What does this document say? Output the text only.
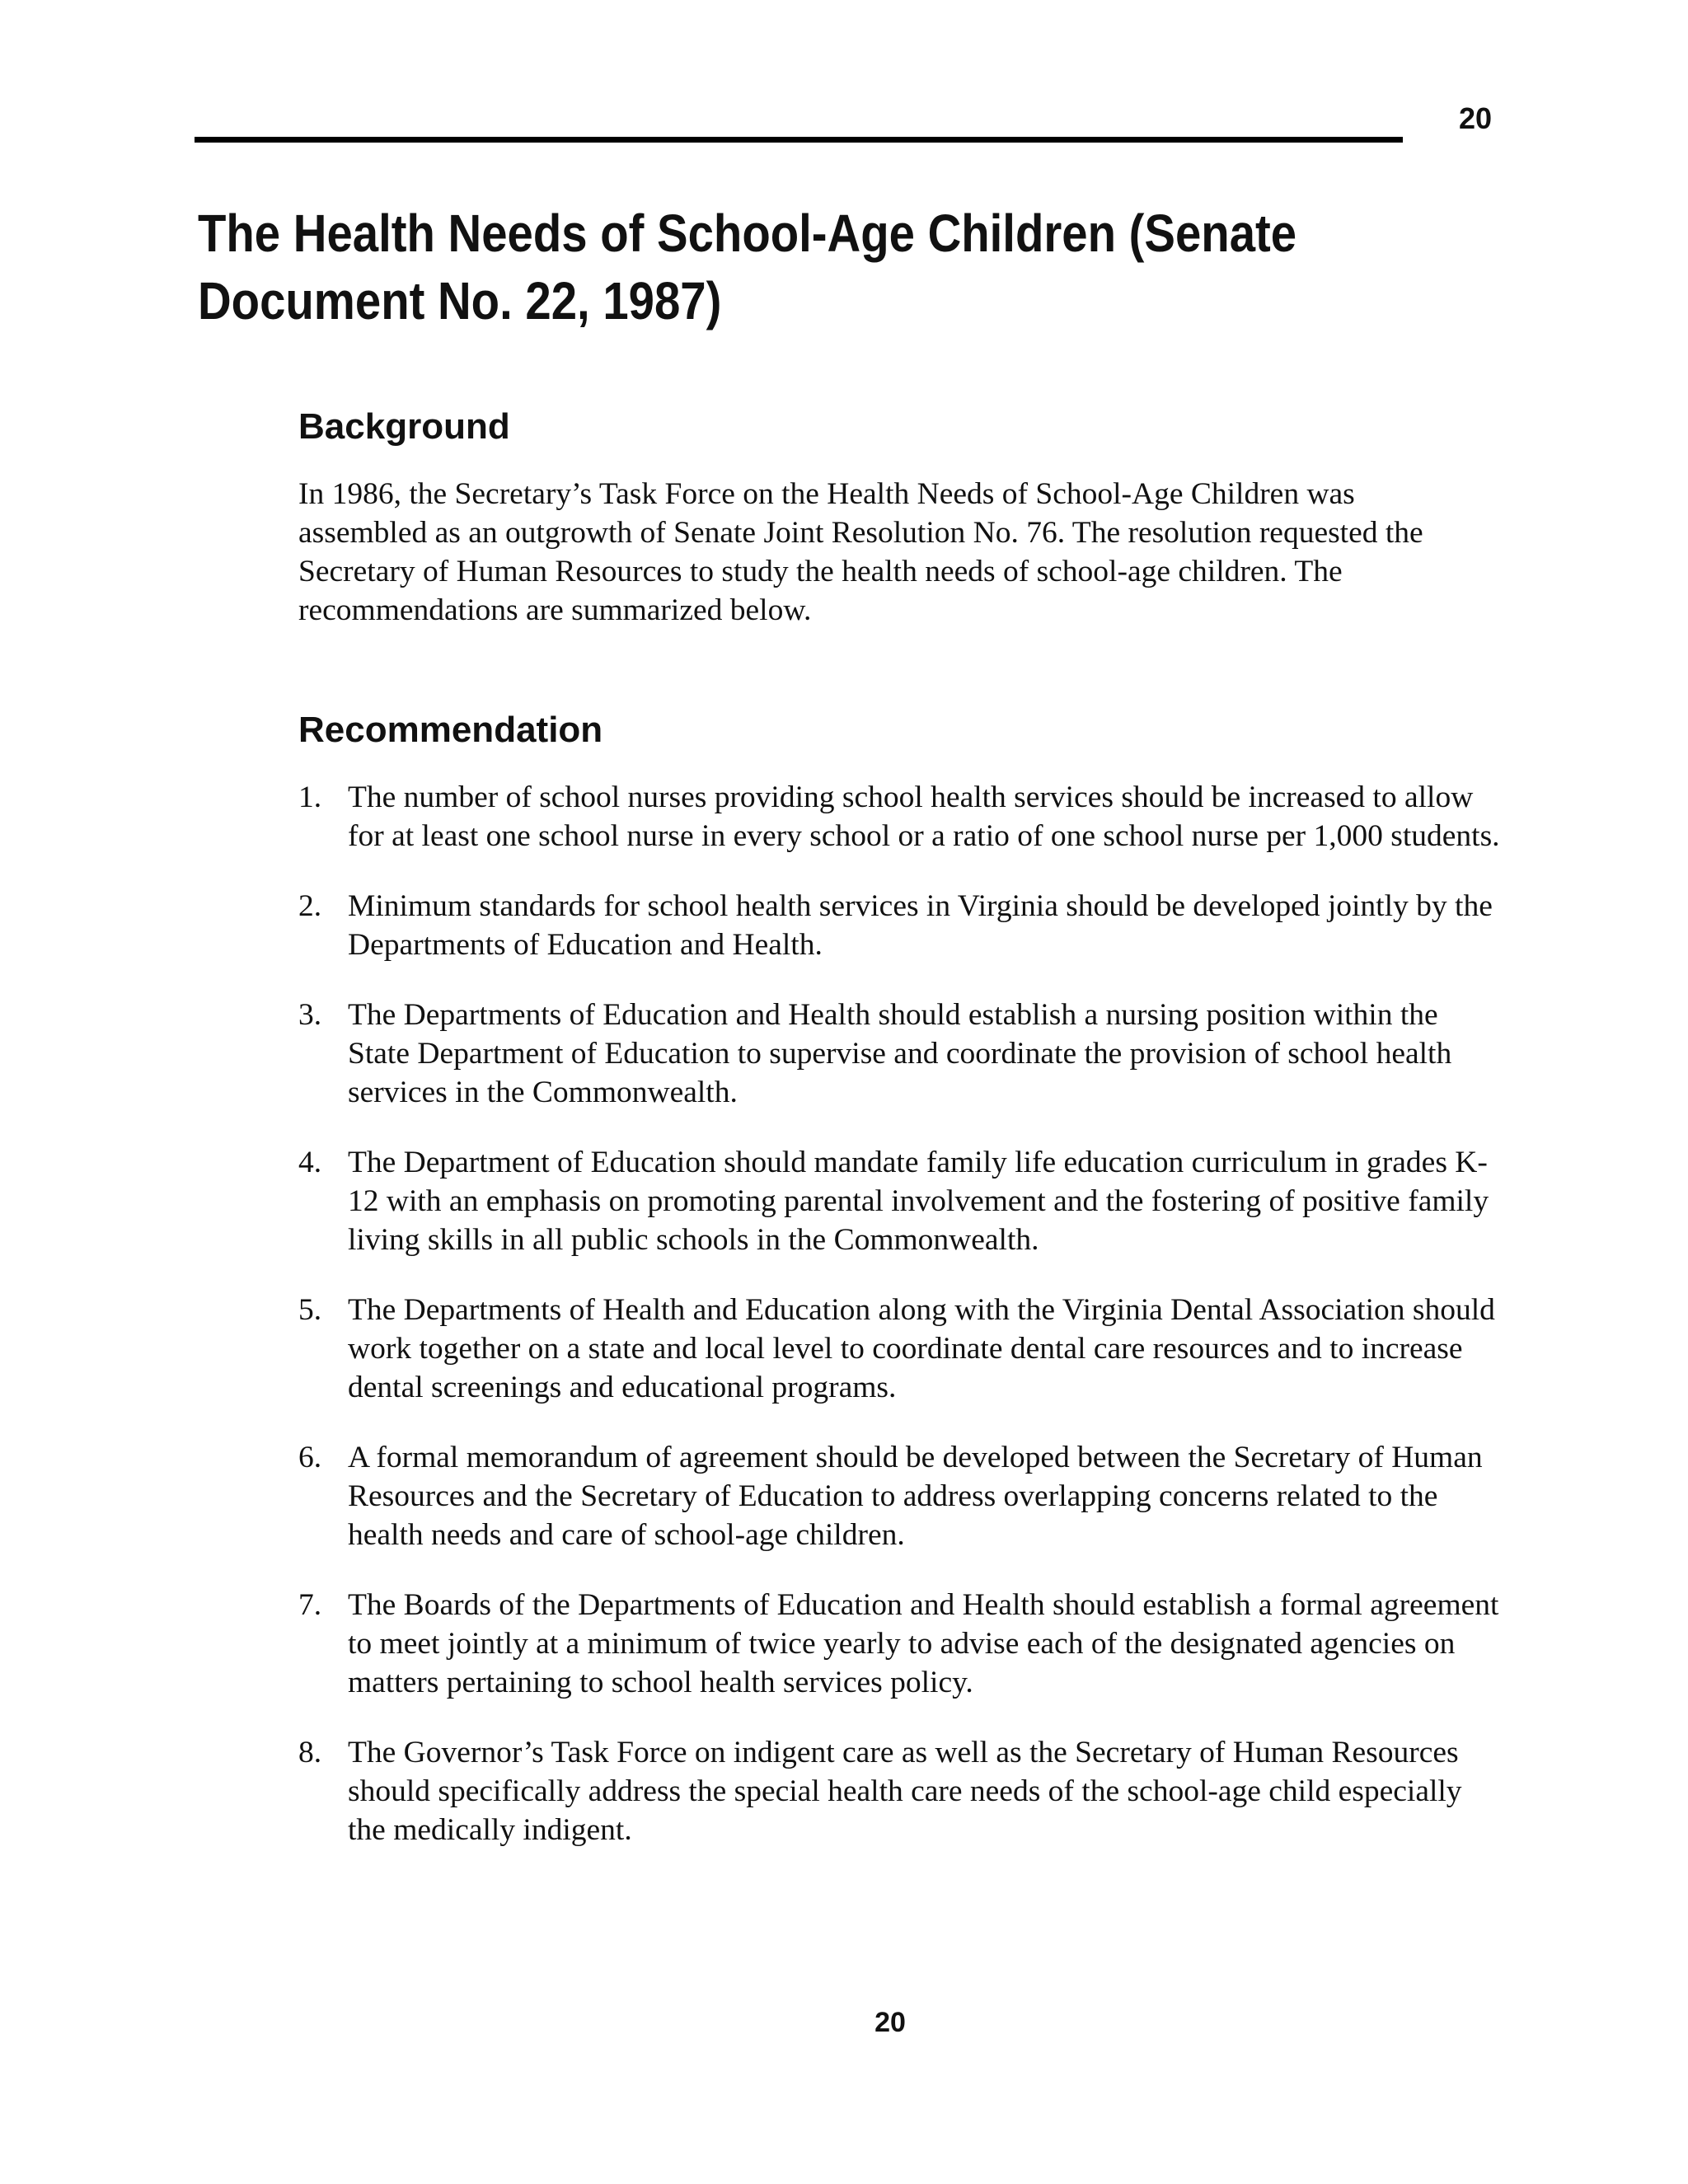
20
The Health Needs of School-Age Children (Senate
Document No. 22, 1987)
Background

In 1986, the Secretary’s Task Force on the Health Needs of School-Age Children was assembled as an outgrowth of Senate Joint Resolution No. 76. The resolution requested the Secretary of Human Resources to study the health needs of school-age children. The recommendations are summarized below.

Recommendation
1. The number of school nurses providing school health services should be increased to allow for at least one school nurse in every school or a ratio of one school nurse per 1,000 students.
2. Minimum standards for school health services in Virginia should be developed jointly by the Departments of Education and Health.
3. The Departments of Education and Health should establish a nursing position within the State Department of Education to supervise and coordinate the provision of school health services in the Commonwealth.
4. The Department of Education should mandate family life education curriculum in grades K-12 with an emphasis on promoting parental involvement and the fostering of positive family living skills in all public schools in the Commonwealth.
5. The Departments of Health and Education along with the Virginia Dental Association should work together on a state and local level to coordinate dental care resources and to increase dental screenings and educational programs.
6. A formal memorandum of agreement should be developed between the Secretary of Human Resources and the Secretary of Education to address overlapping concerns related to the health needs and care of school-age children.
7. The Boards of the Departments of Education and Health should establish a formal agreement to meet jointly at a minimum of twice yearly to advise each of the designated agencies on matters pertaining to school health services policy.
8. The Governor’s Task Force on indigent care as well as the Secretary of Human Resources should specifically address the special health care needs of the school-age child especially the medically indigent.
20
